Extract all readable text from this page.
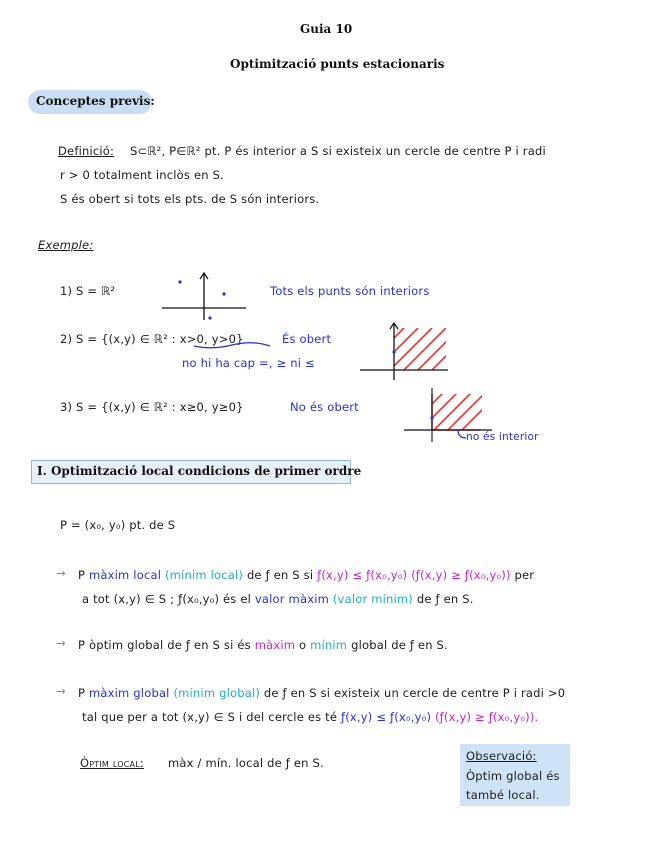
Guia 10
Optimització punts estacionaris
Conceptes previs:
Definició: S⊂ℝ², P∈ℝ² pt. P és interior a S si existeix un cercle de centre P i radi
r > 0 totalment inclòs en S.
S és obert si tots els pts. de S són interiors.
Exemple:
1) S = ℝ²	Tots els punts són interiors
2) S = {(x,y) ∈ ℝ² : x>0, y>0}	És obert
no hi ha cap =, ≥ ni ≤
3) S = {(x,y) ∈ ℝ² : x≥0, y≥0}	No és obert
no és interior
I. Optimització local condicions de primer ordre
P = (x₀, y₀) pt. de S
→ P màxim local (mínim local) de ƒ en S si ƒ(x,y) ≤ ƒ(x₀,y₀) (ƒ(x,y) ≥ ƒ(x₀,y₀)) per
a tot (x,y) ∈ S ; ƒ(x₀,y₀) és el valor màxim (valor mínim) de ƒ en S.
→ P òptim global de ƒ en S si és màxim o mínim global de ƒ en S.
→ P màxim global (mínim global) de ƒ en S si existeix un cercle de centre P i radi >0
tal que per a tot (x,y) ∈ S i del cercle es té ƒ(x,y) ≤ ƒ(x₀,y₀) (ƒ(x,y) ≥ ƒ(x₀,y₀)).
Òptim local: màx / mín. local de ƒ en S.	Observació:
Òptim global és
també local.
